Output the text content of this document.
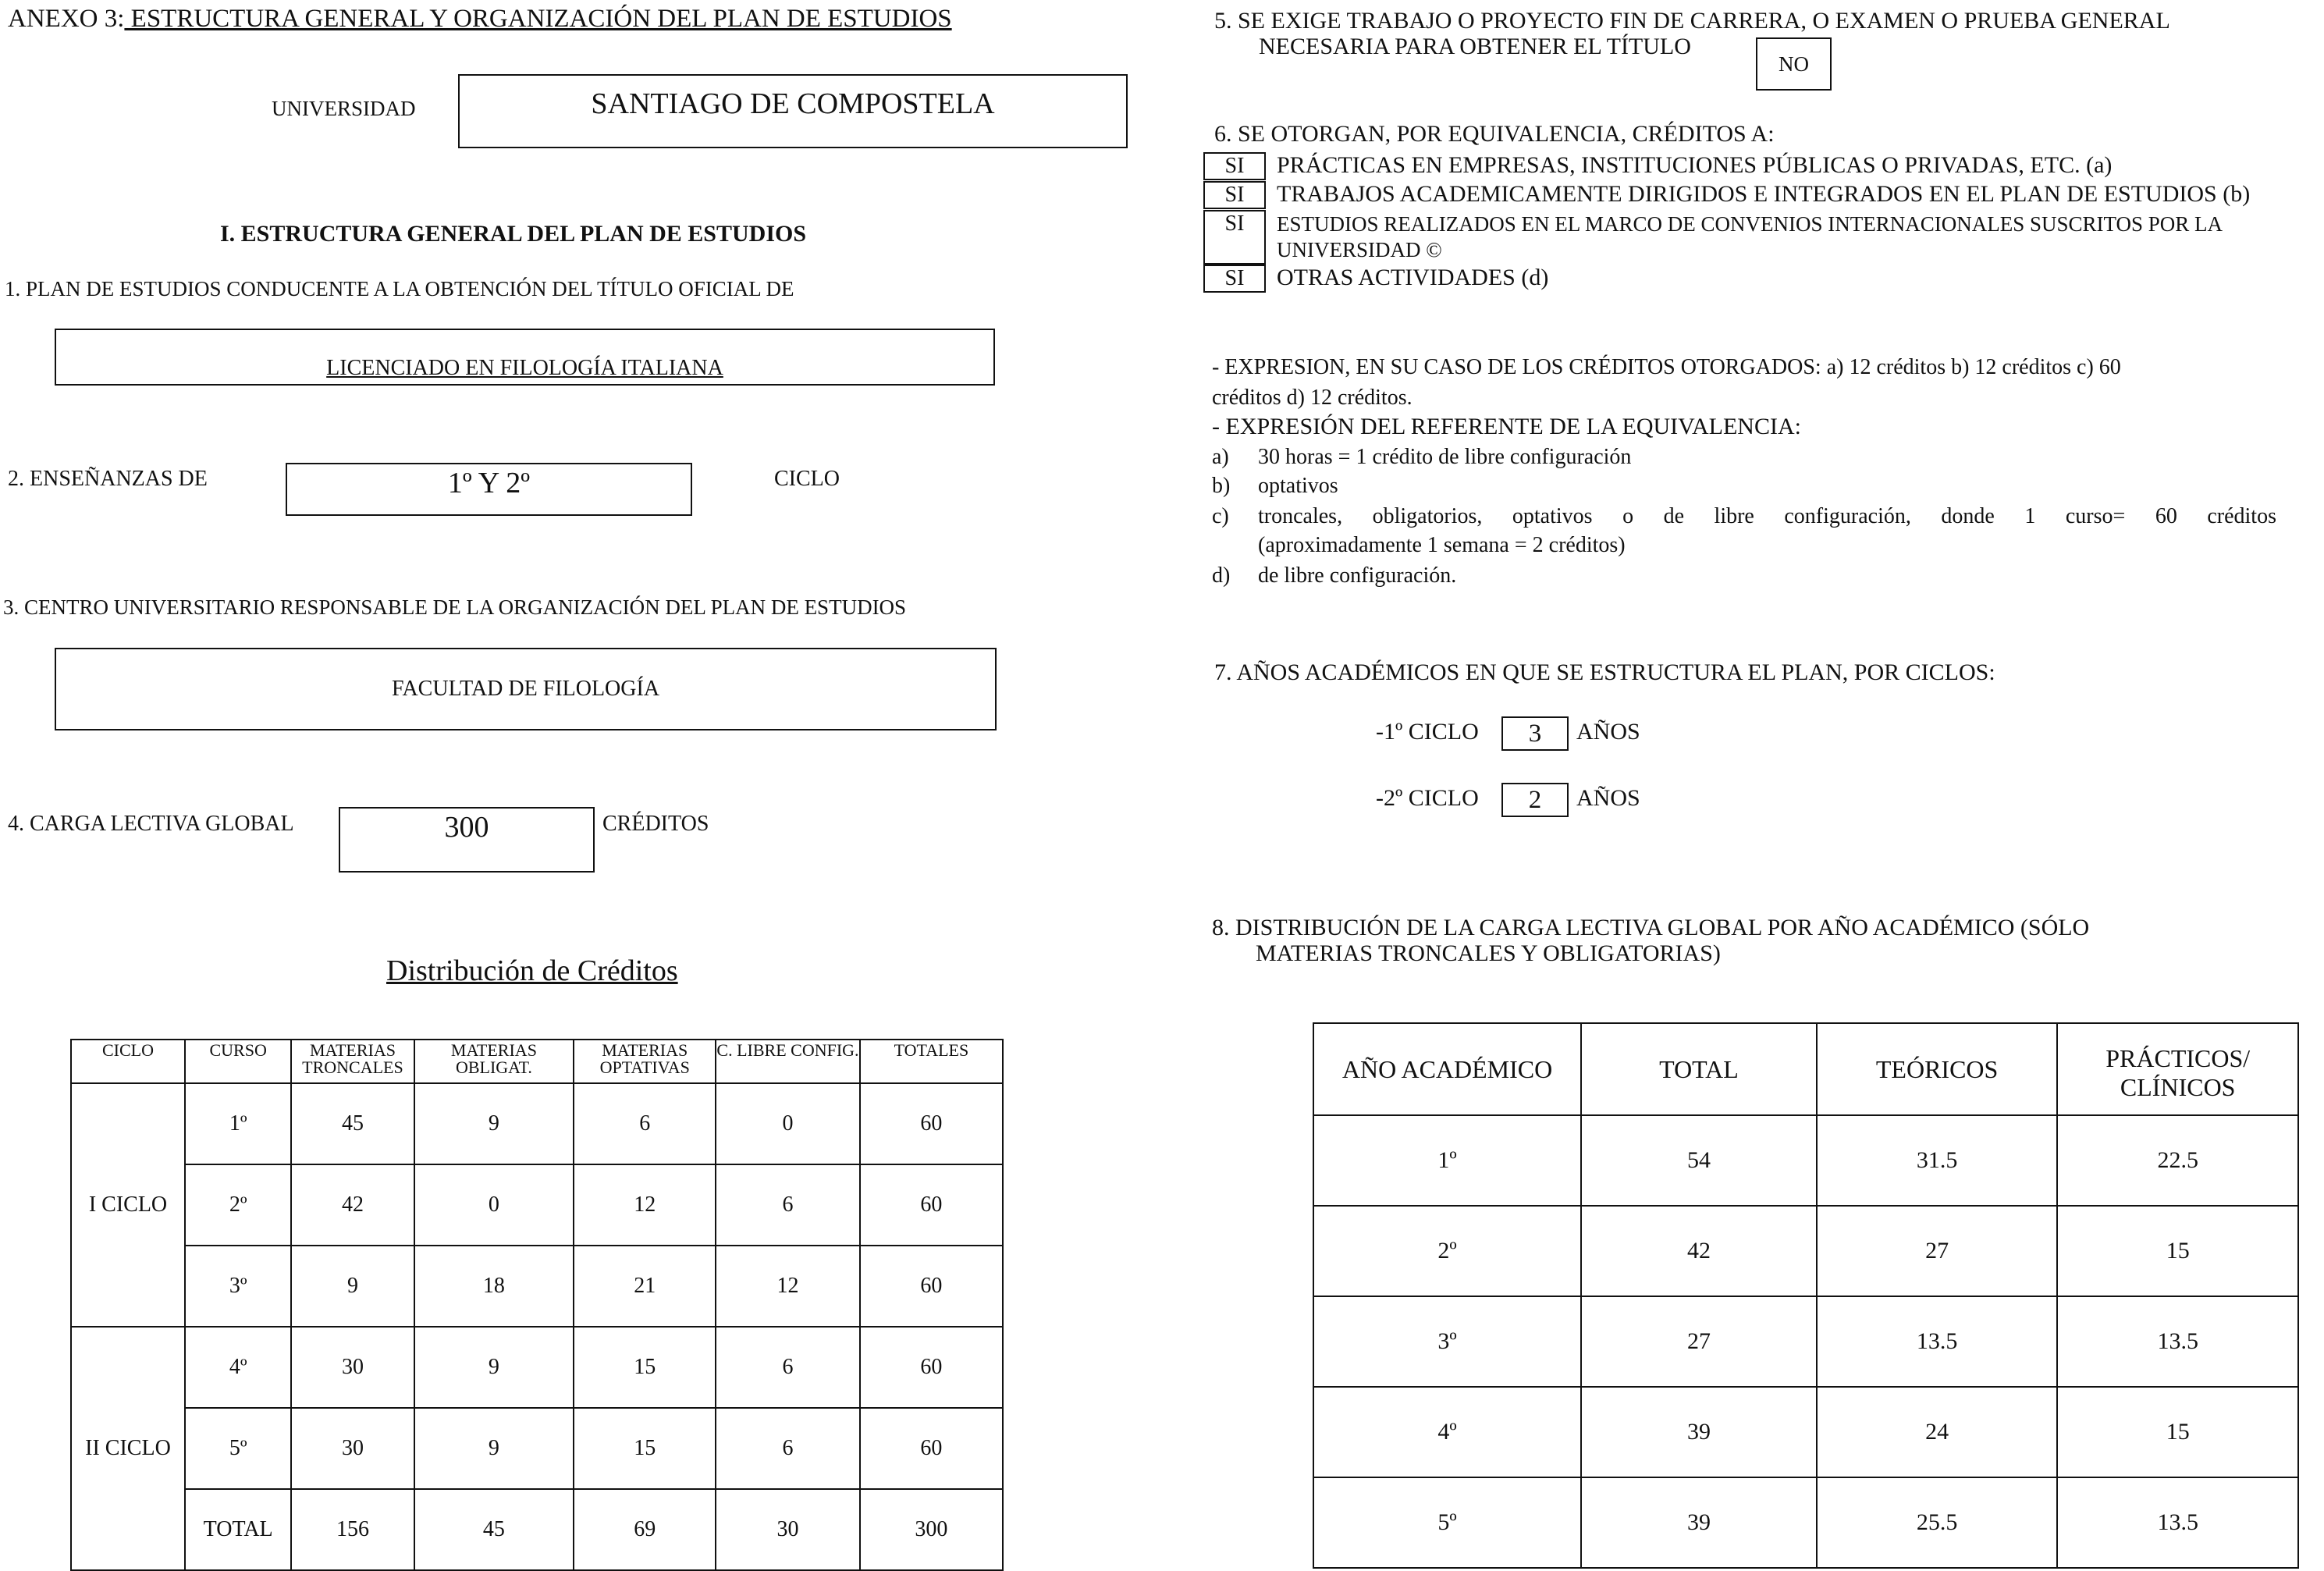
ANEXO 3: ESTRUCTURA GENERAL Y ORGANIZACIÓN DEL PLAN DE ESTUDIOS
UNIVERSIDAD	SANTIAGO DE COMPOSTELA
I. ESTRUCTURA GENERAL DEL PLAN DE ESTUDIOS
1. PLAN DE ESTUDIOS CONDUCENTE A LA OBTENCIÓN DEL TÍTULO OFICIAL DE
LICENCIADO EN FILOLOGÍA ITALIANA
2. ENSEÑANZAS DE	1º Y 2º	CICLO
3. CENTRO UNIVERSITARIO RESPONSABLE DE LA ORGANIZACIÓN DEL PLAN DE ESTUDIOS
FACULTAD DE FILOLOGÍA
4. CARGA LECTIVA GLOBAL	300	CRÉDITOS
Distribución de Créditos
CICLO	CURSO	MATERIAS TRONCALES	MATERIAS OBLIGAT.	MATERIAS OPTATIVAS	C. LIBRE CONFIG.	TOTALES
I CICLO	1º	45	9	6	0	60
	2º	42	0	12	6	60
	3º	9	18	21	12	60
II CICLO	4º	30	9	15	6	60
	5º	30	9	15	6	60
	TOTAL	156	45	69	30	300
5. SE EXIGE TRABAJO O PROYECTO FIN DE CARRERA, O EXAMEN O PRUEBA GENERAL
NECESARIA PARA OBTENER EL TÍTULO
NO
6. SE OTORGAN, POR EQUIVALENCIA, CRÉDITOS A:
SI	PRÁCTICAS EN EMPRESAS, INSTITUCIONES PÚBLICAS O PRIVADAS, ETC. (a)
SI	TRABAJOS ACADEMICAMENTE DIRIGIDOS E INTEGRADOS EN EL PLAN DE ESTUDIOS (b)
SI	ESTUDIOS REALIZADOS EN EL MARCO DE CONVENIOS INTERNACIONALES SUSCRITOS POR LA
UNIVERSIDAD ©
SI	OTRAS ACTIVIDADES (d)
- EXPRESION, EN SU CASO DE LOS CRÉDITOS OTORGADOS: a) 12 créditos b) 12 créditos c) 60
créditos d) 12 créditos.
- EXPRESIÓN DEL REFERENTE DE LA EQUIVALENCIA:
a) 30 horas = 1 crédito de libre configuración
b) optativos
c) troncales, obligatorios, optativos o de libre configuración, donde 1 curso= 60 créditos
(aproximadamente 1 semana = 2 créditos)
d) de libre configuración.
7. AÑOS ACADÉMICOS EN QUE SE ESTRUCTURA EL PLAN, POR CICLOS:
-1º CICLO 3 AÑOS
-2º CICLO 2 AÑOS
8. DISTRIBUCIÓN DE LA CARGA LECTIVA GLOBAL POR AÑO ACADÉMICO (SÓLO
MATERIAS TRONCALES Y OBLIGATORIAS)
AÑO ACADÉMICO	TOTAL	TEÓRICOS	PRÁCTICOS/ CLÍNICOS
1º	54	31.5	22.5
2º	42	27	15
3º	27	13.5	13.5
4º	39	24	15
5º	39	25.5	13.5
